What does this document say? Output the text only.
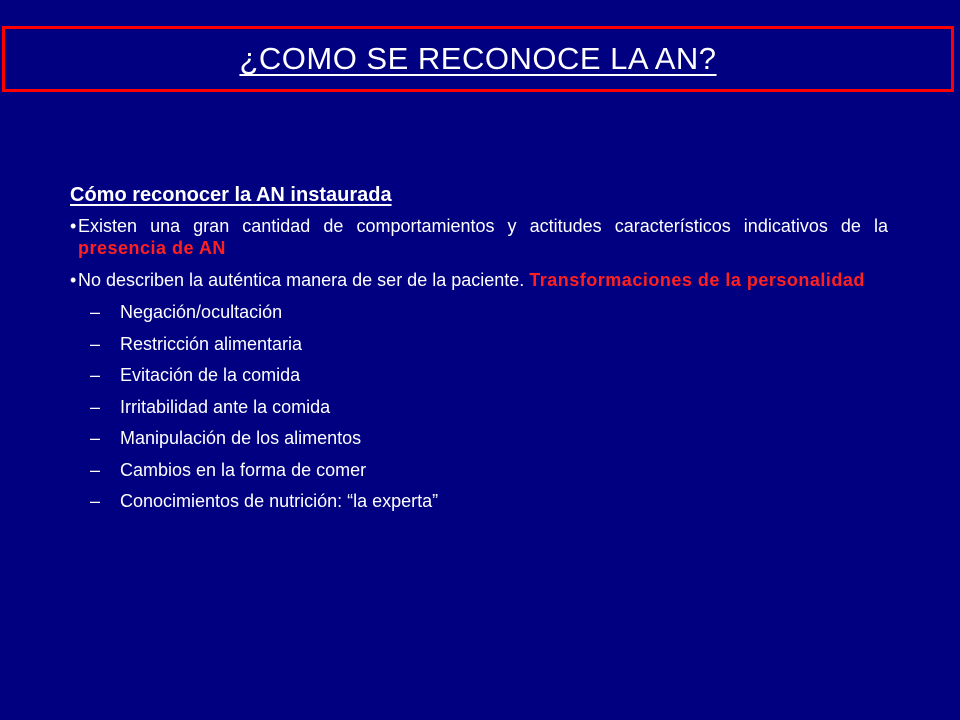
¿COMO SE RECONOCE LA AN?
Cómo reconocer la AN instaurada
• Existen una gran cantidad de comportamientos y actitudes característicos indicativos de la presencia de AN
• No describen la auténtica manera de ser de la paciente. Transformaciones de la personalidad
–	Negación/ocultación
–	Restricción alimentaria
–	Evitación de la comida
–	Irritabilidad ante la comida
–	Manipulación de los alimentos
–	Cambios en la forma de comer
–	Conocimientos de nutrición: “la experta”
